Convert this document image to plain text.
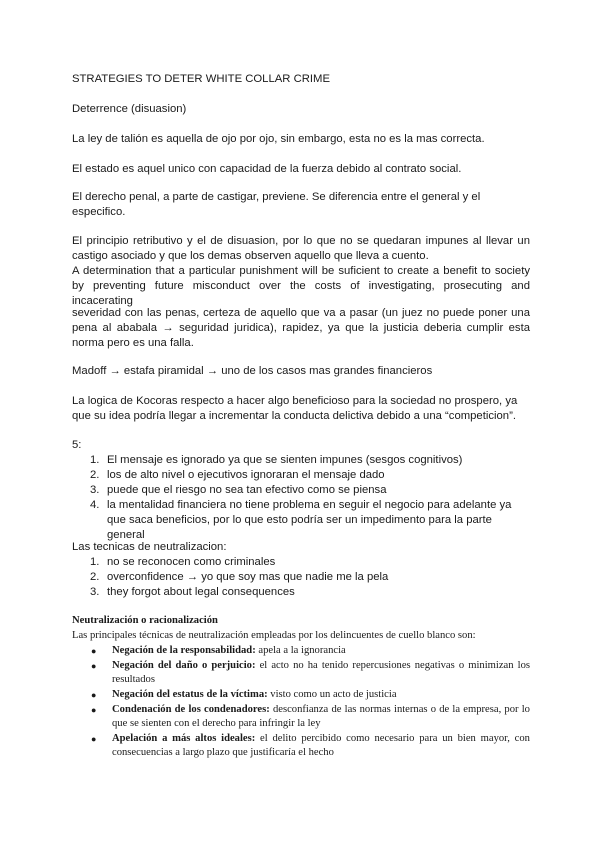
STRATEGIES TO DETER WHITE COLLAR CRIME

Deterrence (disuasion)

La ley de talión es aquella de ojo por ojo, sin embargo, esta no es la mas correcta.

El estado es aquel unico con capacidad de la fuerza debido al contrato social.

El derecho penal, a parte de castigar, previene. Se diferencia entre el general y el especifico.

El principio retributivo y el de disuasion, por lo que no se quedaran impunes al llevar un castigo asociado y que los demas observen aquello que lleva a cuento.
A determination that a particular punishment will be suficient to create a benefit to society by preventing future misconduct over the costs of investigating, prosecuting and incacerating

severidad con las penas, certeza de aquello que va a pasar (un juez no puede poner una pena al ababala → seguridad juridica), rapidez, ya que la justicia deberia cumplir esta norma pero es una falla.

Madoff → estafa piramidal → uno de los casos mas grandes financieros

La logica de Kocoras respecto a hacer algo beneficioso para la sociedad no prospero, ya que su idea podría llegar a incrementar la conducta delictiva debido a una “competicion”.

5:

1. El mensaje es ignorado ya que se sienten impunes (sesgos cognitivos)
2. los de alto nivel o ejecutivos ignoraran el mensaje dado
3. puede que el riesgo no sea tan efectivo como se piensa
4. la mentalidad financiera no tiene problema en seguir el negocio para adelante ya que saca beneficios, por lo que esto podría ser un impedimento para la parte general

Las tecnicas de neutralizacion:

1. no se reconocen como criminales
2. overconfidence → yo que soy mas que nadie me la pela
3. they forgot about legal consequences

Neutralización o racionalización

Las principales técnicas de neutralización empleadas por los delincuentes de cuello blanco son:

● Negación de la responsabilidad: apela a la ignorancia
● Negación del daño o perjuicio: el acto no ha tenido repercusiones negativas o minimizan los resultados
● Negación del estatus de la víctima: visto como un acto de justicia
● Condenación de los condenadores: desconfianza de las normas internas o de la empresa, por lo que se sienten con el derecho para infringir la ley
● Apelación a más altos ideales: el delito percibido como necesario para un bien mayor, con consecuencias a largo plazo que justificaría el hecho
